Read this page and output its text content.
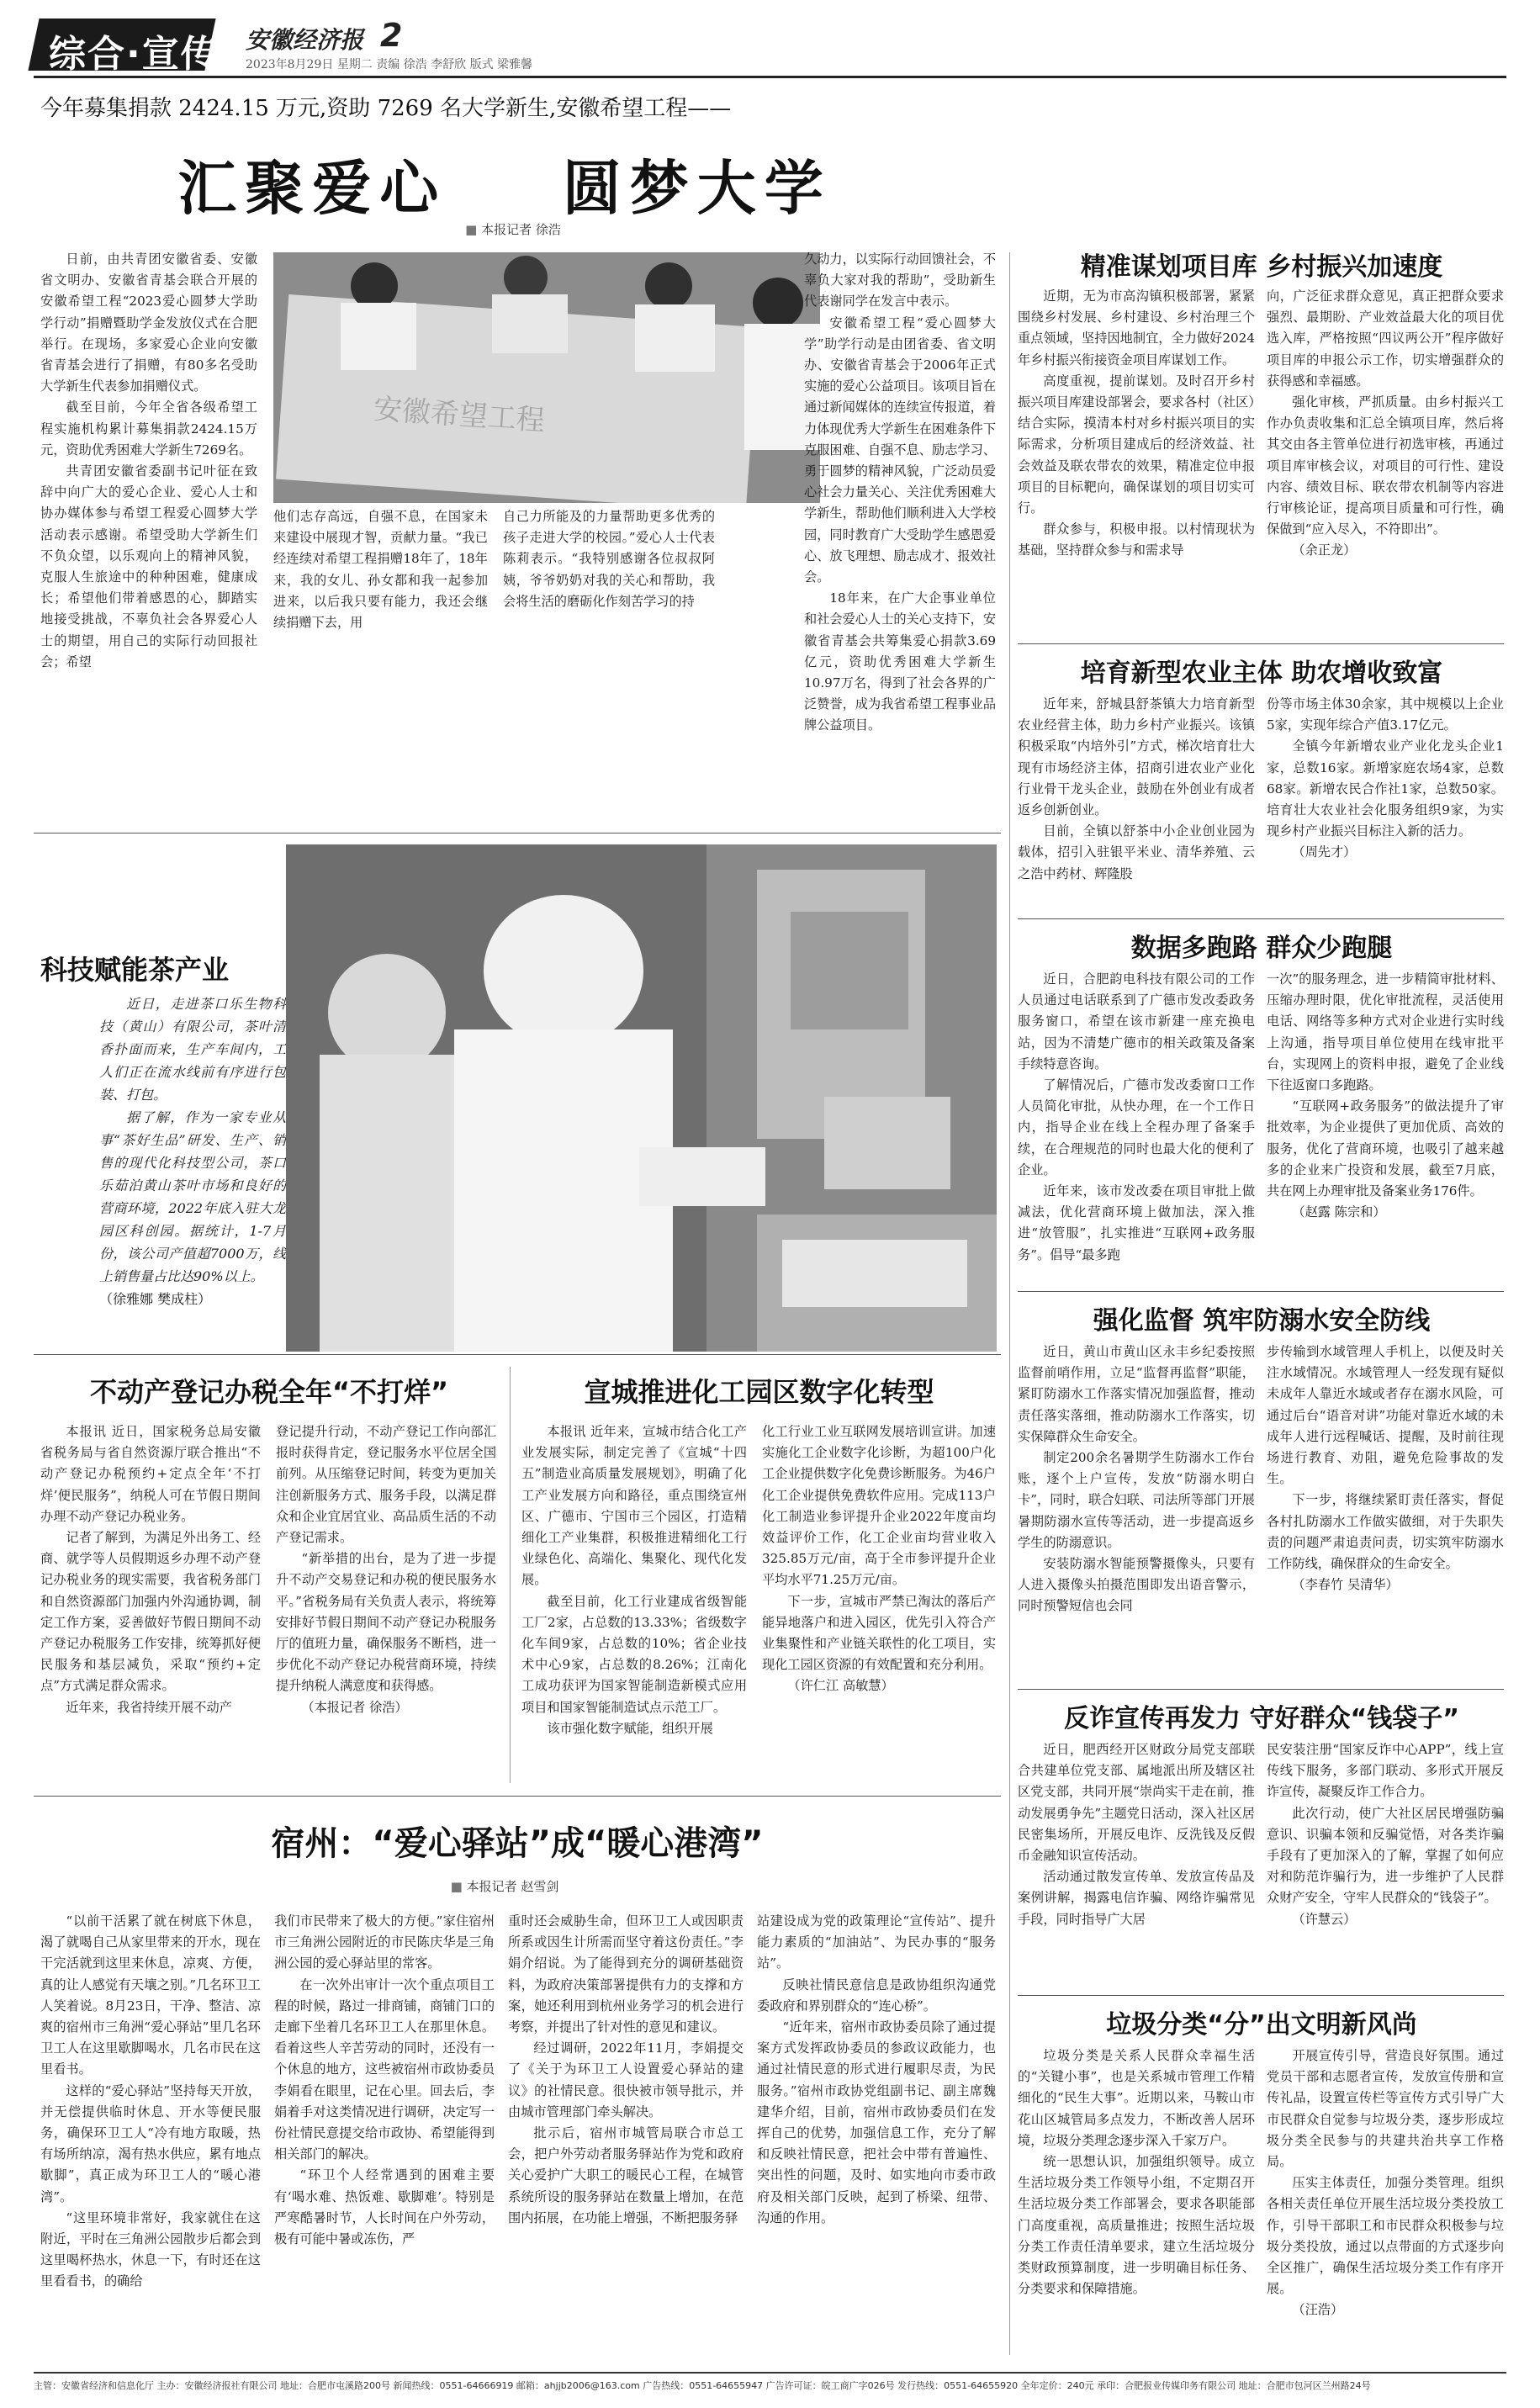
综合·宣传 安徽经济报 2
2023年8月29日 星期二 责编 徐浩 李舒欣 版式 梁雅馨
今年募集捐款 2424.15 万元,资助 7269 名大学新生,安徽希望工程——
汇聚爱心    圆梦大学
■ 本报记者 徐浩

日前，由共青团安徽省委、安徽省文明办、安徽省青基会联合开展的安徽希望工程“2023爱心圆梦大学助学行动”捐赠暨助学金发放仪式在合肥举行。在现场，多家爱心企业向安徽省青基会进行了捐赠，有80多名受助大学新生代表参加捐赠仪式。

截至目前，今年全省各级希望工程实施机构累计募集捐款2424.15万元，资助优秀困难大学新生7269名。

共青团安徽省委副书记叶征在致辞中向广大的爱心企业、爱心人士和协办媒体参与希望工程爱心圆梦大学活动表示感谢。希望受助大学新生们不负众望，以乐观向上的精神风貌，克服人生旅途中的种种困难，健康成长；希望他们带着感恩的心，脚踏实地接受挑战，不辜负社会各界爱心人士的期望，用自己的实际行动回报社会；希望

安徽希望工程

他们志存高远，自强不息，在国家未来建设中展现才智，贡献力量。“我已经连续对希望工程捐赠18年了，18年来，我的女儿、孙女都和我一起参加进来，以后我只要有能力，我还会继续捐赠下去，用

自己力所能及的力量帮助更多优秀的孩子走进大学的校园。”爱心人士代表陈莉表示。“我特别感谢各位叔叔阿姨，爷爷奶奶对我的关心和帮助，我会将生活的磨砺化作刻苦学习的持

久动力，以实际行动回馈社会，不辜负大家对我的帮助”，受助新生代表谢同学在发言中表示。

安徽希望工程“爱心圆梦大学”助学行动是由团省委、省文明办、安徽省青基会于2006年正式实施的爱心公益项目。该项目旨在通过新闻媒体的连续宣传报道，着力体现优秀大学新生在困难条件下克服困难、自强不息、励志学习、勇于圆梦的精神风貌，广泛动员爱心社会力量关心、关注优秀困难大学新生，帮助他们顺利进入大学校园，同时教育广大受助学生感恩爱心、放飞理想、励志成才、报效社会。

18年来，在广大企事业单位和社会爱心人士的关心支持下，安徽省青基会共筹集爱心捐款3.69亿元，资助优秀困难大学新生10.97万名，得到了社会各界的广泛赞誉，成为我省希望工程事业品牌公益项目。

科技赋能茶产业

近日，走进茶口乐生物科技（黄山）有限公司，茶叶清香扑面而来，生产车间内，工人们正在流水线前有序进行包装、打包。

据了解，作为一家专业从事“茶好生品”研发、生产、销售的现代化科技型公司，茶口乐茹泊黄山茶叶市场和良好的营商环境，2022年底入驻大龙园区科创园。据统计，1-7月份，该公司产值超7000万，线上销售量占比达90%以上。

（徐雅娜 樊成柱）

不动产登记办税全年“不打烊”

本报讯 近日，国家税务总局安徽省税务局与省自然资源厅联合推出“不动产登记办税预约+定点全年‘不打烊’便民服务”，纳税人可在节假日期间办理不动产登记办税业务。

记者了解到，为满足外出务工、经商、就学等人员假期返乡办理不动产登记办税业务的现实需要，我省税务部门和自然资源部门加强内外沟通协调，制定工作方案，妥善做好节假日期间不动产登记办税服务工作安排，统筹抓好便民服务和基层减负，采取“预约+定点”方式满足群众需求。

近年来，我省持续开展不动产

登记提升行动，不动产登记工作向部汇报时获得肯定，登记服务水平位居全国前列。从压缩登记时间，转变为更加关注创新服务方式、服务手段，以满足群众和企业宜居宜业、高品质生活的不动产登记需求。

“新举措的出台，是为了进一步提升不动产交易登记和办税的便民服务水平。”省税务局有关负责人表示，将统筹安排好节假日期间不动产登记办税服务厅的值班力量，确保服务不断档，进一步优化不动产登记办税营商环境，持续提升纳税人满意度和获得感。

（本报记者 徐浩）

宣城推进化工园区数字化转型

本报讯 近年来，宣城市结合化工产业发展实际，制定完善了《宣城“十四五”制造业高质量发展规划》，明确了化工产业发展方向和路径，重点围绕宣州区、广德市、宁国市三个园区，打造精细化工产业集群，积极推进精细化工行业绿色化、高端化、集聚化、现代化发展。

截至目前，化工行业建成省级智能工厂2家，占总数的13.33%；省级数字化车间9家，占总数的10%；省企业技术中心9家，占总数的8.26%；江南化工成功获评为国家智能制造新模式应用项目和国家智能制造试点示范工厂。

该市强化数字赋能，组织开展

化工行业工业互联网发展培训宣讲。加速实施化工企业数字化诊断，为超100户化工企业提供数字化免费诊断服务。为46户化工企业提供免费软件应用。完成113户化工制造业参评提升企业2022年度亩均效益评价工作，化工企业亩均营业收入325.85万元/亩，高于全市参评提升企业平均水平71.25万元/亩。

下一步，宣城市严禁已淘汰的落后产能异地落户和进入园区，优先引入符合产业集聚性和产业链关联性的化工项目，实现化工园区资源的有效配置和充分利用。

（许仁江 高敏慧）

宿州：“爱心驿站”成“暖心港湾”
■ 本报记者 赵雪剑

“以前干活累了就在树底下休息，渴了就喝自己从家里带来的开水，现在干完活就到这里来休息，凉爽、方便，真的让人感觉有天壤之别。”几名环卫工人笑着说。8月23日，干净、整洁、凉爽的宿州市三角洲“爱心驿站”里几名环卫工人在这里歇脚喝水，几名市民在这里看书。

这样的“爱心驿站”坚持每天开放，并无偿提供临时休息、开水等便民服务，确保环卫工人“冷有地方取暖，热有场所纳凉，渴有热水供应，累有地点歇脚”，真正成为环卫工人的“暖心港湾”。

“这里环境非常好，我家就住在这附近，平时在三角洲公园散步后都会到这里喝杯热水，休息一下，有时还在这里看看书，的确给

我们市民带来了极大的方便。”家住宿州市三角洲公园附近的市民陈庆华是三角洲公园的爱心驿站里的常客。

在一次外出审计一次个重点项目工程的时候，路过一排商铺，商铺门口的走廊下坐着几名环卫工人在那里休息。看着这些人辛苦劳动的同时，还没有一个休息的地方，这些被宿州市政协委员李娟看在眼里，记在心里。回去后，李娟着手对这类情况进行调研，决定写一份社情民意提交给市政协、希望能得到相关部门的解决。

“环卫个人经常遇到的困难主要有‘喝水难、热饭难、歇脚难’。特别是严寒酷暑时节，人长时间在户外劳动，极有可能中暑或冻伤，严

重时还会威胁生命，但环卫工人或因职责所系或因生计所需而坚守着这份责任。”李娟介绍说。为了能得到充分的调研基础资料，为政府决策部署提供有力的支撑和方案，她还利用到杭州业务学习的机会进行考察，并提出了针对性的意见和建议。

经过调研，2022年11月，李娟提交了《关于为环卫工人设置爱心驿站的建议》的社情民意。很快被市领导批示，并由城市管理部门牵头解决。

批示后，宿州市城管局联合市总工会，把户外劳动者服务驿站作为党和政府关心爱护广大职工的暖民心工程，在城管系统所设的服务驿站在数量上增加，在范围内拓展，在功能上增强，不断把服务驿

站建设成为党的政策理论“宣传站”、提升能力素质的“加油站”、为民办事的“服务站”。

反映社情民意信息是政协组织沟通党委政府和界别群众的“连心桥”。

“近年来，宿州市政协委员除了通过提案方式发挥政协委员的参政议政能力，也通过社情民意的形式进行履职尽责，为民服务。”宿州市政协党组副书记、副主席魏建华介绍，目前，宿州市政协委员们在发挥自己的优势，加强信息工作，充分了解和反映社情民意，把社会中带有普遍性、突出性的问题，及时、如实地向市委市政府及相关部门反映，起到了桥梁、纽带、沟通的作用。

精准谋划项目库 乡村振兴加速度

近期，无为市高沟镇积极部署，紧紧围绕乡村发展、乡村建设、乡村治理三个重点领域，坚持因地制宜，全力做好2024年乡村振兴衔接资金项目库谋划工作。

高度重视，提前谋划。及时召开乡村振兴项目库建设部署会，要求各村（社区）结合实际，摸清本村对乡村振兴项目的实际需求，分析项目建成后的经济效益、社会效益及联农带农的效果，精准定位申报项目的目标靶向，确保谋划的项目切实可行。

群众参与，积极申报。以村情现状为基础，坚持群众参与和需求导

向，广泛征求群众意见，真正把群众要求强烈、最期盼、产业效益最大化的项目优选入库，严格按照“四议两公开”程序做好项目库的申报公示工作，切实增强群众的获得感和幸福感。

强化审核，严抓质量。由乡村振兴工作办负责收集和汇总全镇项目库，然后将其交由各主管单位进行初选审核，再通过项目库审核会议，对项目的可行性、建设内容、绩效目标、联农带农机制等内容进行审核论证，提高项目质量和可行性，确保做到“应入尽入，不符即出”。

（余正龙）

培育新型农业主体 助农增收致富

近年来，舒城县舒茶镇大力培育新型农业经营主体，助力乡村产业振兴。该镇积极采取“内培外引”方式，梯次培育壮大现有市场经济主体，招商引进农业产业化行业骨干龙头企业，鼓励在外创业有成者返乡创新创业。

目前，全镇以舒茶中小企业创业园为载体，招引入驻银平米业、清华养殖、云之浩中药材、辉隆股

份等市场主体30余家，其中规模以上企业5家，实现年综合产值3.17亿元。

全镇今年新增农业产业化龙头企业1家，总数16家。新增家庭农场4家，总数68家。新增农民合作社1家，总数50家。培育壮大农业社会化服务组织9家，为实现乡村产业振兴目标注入新的活力。

（周先才）

数据多跑路 群众少跑腿

近日，合肥韵电科技有限公司的工作人员通过电话联系到了广德市发改委政务服务窗口，希望在该市新建一座充换电站，因为不清楚广德市的相关政策及备案手续特意咨询。

了解情况后，广德市发改委窗口工作人员简化审批，从快办理，在一个工作日内，指导企业在线上全程办理了备案手续，在合理规范的同时也最大化的便利了企业。

近年来，该市发改委在项目审批上做减法，优化营商环境上做加法，深入推进“放管服”，扎实推进“互联网+政务服务”。倡导“最多跑

一次”的服务理念，进一步精简审批材料、压缩办理时限，优化审批流程，灵活使用电话、网络等多种方式对企业进行实时线上沟通，指导项目单位使用在线审批平台，实现网上的资料申报，避免了企业线下往返窗口多跑路。

“互联网+政务服务”的做法提升了审批效率，为企业提供了更加优质、高效的服务，优化了营商环境，也吸引了越来越多的企业来广投资和发展，截至7月底，共在网上办理审批及备案业务176件。

（赵露 陈宗和）

强化监督 筑牢防溺水安全防线

近日，黄山市黄山区永丰乡纪委按照监督前哨作用，立足“监督再监督”职能，紧盯防溺水工作落实情况加强监督，推动责任落实落细，推动防溺水工作落实，切实保障群众生命安全。

制定200余名暑期学生防溺水工作台账，逐个上户宣传，发放“防溺水明白卡”，同时，联合妇联、司法所等部门开展暑期防溺水宣传等活动，进一步提高返乡学生的防溺意识。

安装防溺水智能预警摄像头，只要有人进入摄像头拍摄范围即发出语音警示，同时预警短信也会同

步传输到水域管理人手机上，以便及时关注水域情况。水域管理人一经发现有疑似未成年人靠近水域或者存在溺水风险，可通过后台“语音对讲”功能对靠近水域的未成年人进行远程喊话、提醒，及时前往现场进行教育、劝阻，避免危险事故的发生。

下一步，将继续紧盯责任落实，督促各村扎防溺水工作做实做细，对于失职失责的问题严肃追责问责，切实筑牢防溺水工作防线，确保群众的生命安全。

（李春竹 吴清华）

反诈宣传再发力 守好群众“钱袋子”

近日，肥西经开区财政分局党支部联合共建单位党支部、属地派出所及辖区社区党支部，共同开展“崇尚实干走在前，推动发展勇争先”主题党日活动，深入社区居民密集场所，开展反电诈、反洗钱及反假币金融知识宣传活动。

活动通过散发宣传单、发放宣传品及案例讲解，揭露电信诈骗、网络诈骗常见手段，同时指导广大居

民安装注册“国家反诈中心APP”，线上宣传线下服务，多部门联动、多形式开展反诈宣传，凝聚反诈工作合力。

此次行动，使广大社区居民增强防骗意识、识骗本领和反骗觉悟，对各类诈骗手段有了更加深入的了解，掌握了如何应对和防范诈骗行为，进一步维护了人民群众财产安全，守牢人民群众的“钱袋子”。

（许慧云）

垃圾分类“分”出文明新风尚

垃圾分类是关系人民群众幸福生活的“关键小事”，也是关系城市管理工作精细化的“民生大事”。近期以来，马鞍山市花山区城管局多点发力，不断改善人居环境，垃圾分类理念逐步深入千家万户。

统一思想认识，加强组织领导。成立生活垃圾分类工作领导小组，不定期召开生活垃圾分类工作部署会，要求各职能部门高度重视，高质量推进；按照生活垃圾分类工作责任清单要求，建立生活垃圾分类财政预算制度，进一步明确目标任务、分类要求和保障措施。

开展宣传引导，营造良好氛围。通过党员干部和志愿者宣传，发放宣传册和宣传礼品，设置宣传栏等宣传方式引导广大市民群众自觉参与垃圾分类，逐步形成垃圾分类全民参与的共建共治共享工作格局。

压实主体责任，加强分类管理。组织各相关责任单位开展生活垃圾分类投放工作，引导干部职工和市民群众积极参与垃圾分类投放，通过以点带面的方式逐步向全区推广，确保生活垃圾分类工作有序开展。

（汪浩）

主管：安徽省经济和信息化厅 主办：安徽经济报社有限公司 地址：合肥市屯溪路200号 新闻热线：0551-64666919 邮箱：ahjjb2006@163.com 广告热线：0551-64655947 广告许可证：皖工商广字026号 发行热线：0551-64655920 全年定价：240元 承印：合肥报业传媒印务有限公司 地址：合肥市包河区兰州路24号
